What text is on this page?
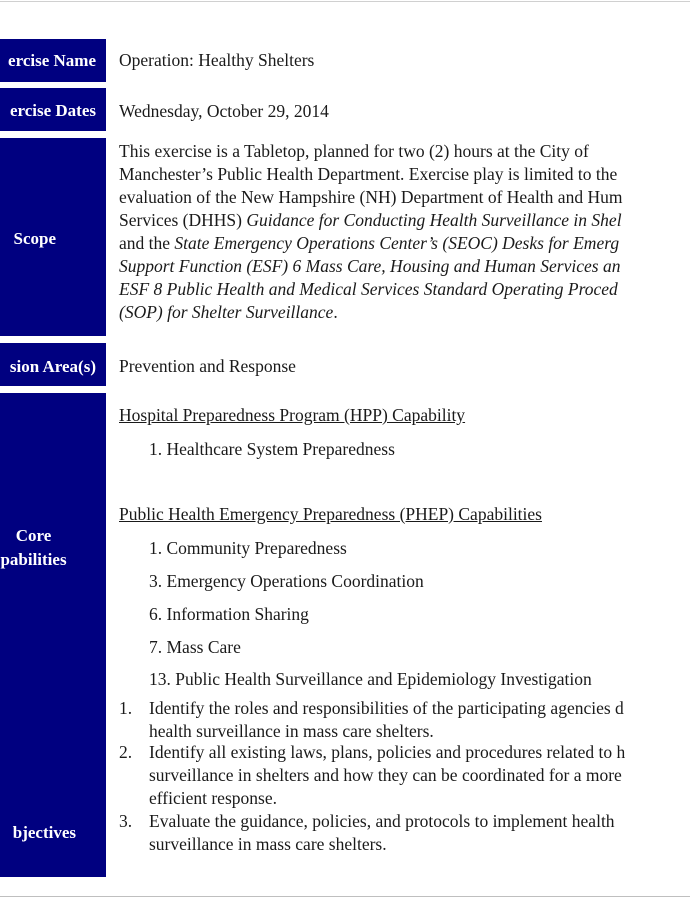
ercise Name Operation: Healthy Shelters
ercise Dates Wednesday, October 29, 2014
Scope
This exercise is a Tabletop, planned for two (2) hours at the City of
Manchester’s Public Health Department. Exercise play is limited to the
evaluation of the New Hampshire (NH) Department of Health and Hum
Services (DHHS) Guidance for Conducting Health Surveillance in Shel
and the State Emergency Operations Center’s (SEOC) Desks for Emerg
Support Function (ESF) 6 Mass Care, Housing and Human Services an
ESF 8 Public Health and Medical Services Standard Operating Proced
(SOP) for Shelter Surveillance.
sion Area(s) Prevention and Response
Core
pabilities
Hospital Preparedness Program (HPP) Capability
1. Healthcare System Preparedness
Public Health Emergency Preparedness (PHEP) Capabilities
1. Community Preparedness
3. Emergency Operations Coordination
6. Information Sharing
7. Mass Care
13. Public Health Surveillance and Epidemiology Investigation
bjectives
1. Identify the roles and responsibilities of the participating agencies d
health surveillance in mass care shelters.
2. Identify all existing laws, plans, policies and procedures related to h
surveillance in shelters and how they can be coordinated for a more
efficient response.
3. Evaluate the guidance, policies, and protocols to implement health
surveillance in mass care shelters.
